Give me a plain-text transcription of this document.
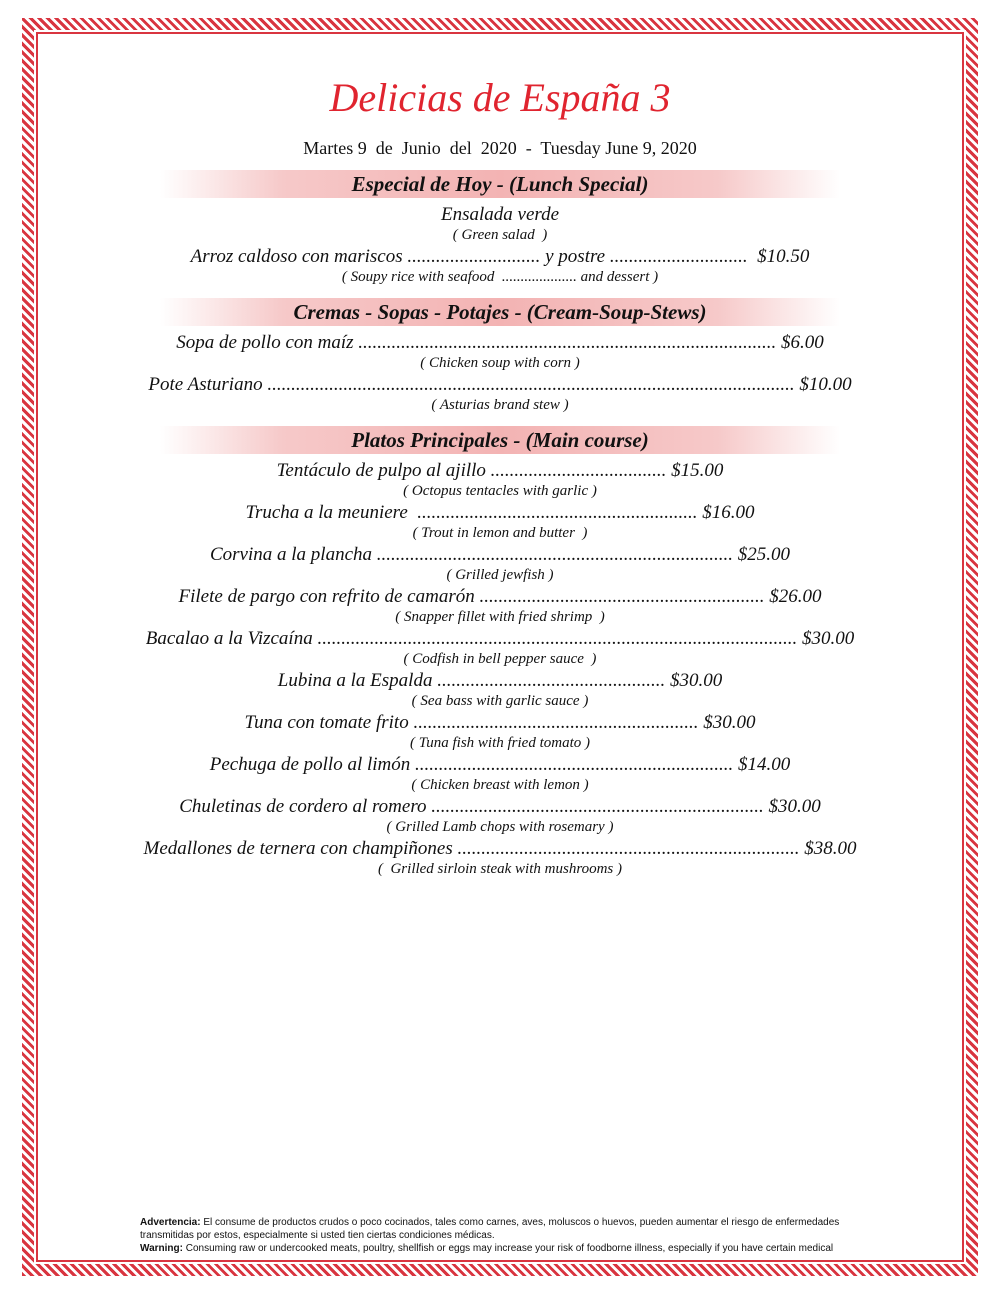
Delicias de España 3
Martes 9  de  Junio  del  2020  -  Tuesday June 9, 2020
Especial de Hoy - (Lunch Special)
Ensalada verde
( Green salad  )
Arroz caldoso con mariscos ............................ y postre .............................  $10.50
( Soupy rice with seafood  .................... and dessert )
Cremas - Sopas - Potajes - (Cream-Soup-Stews)
Sopa de pollo con maíz ........................................................................................ $6.00
( Chicken soup with corn )
Pote Asturiano ............................................................................................................... $10.00
( Asturias brand stew )
Platos Principales - (Main course)
Tentáculo de pulpo al ajillo ..................................... $15.00
( Octopus tentacles with garlic )
Trucha a la meuniere  ........................................................... $16.00
( Trout in lemon and butter  )
Corvina a la plancha ........................................................................... $25.00
( Grilled jewfish )
Filete de pargo con refrito de camarón ............................................................ $26.00
( Snapper fillet with fried shrimp  )
Bacalao a la Vizcaína ..................................................................................................... $30.00
( Codfish in bell pepper sauce  )
Lubina a la Espalda ................................................ $30.00
( Sea bass with garlic sauce )
Tuna con tomate frito ............................................................ $30.00
( Tuna fish with fried tomato )
Pechuga de pollo al limón ................................................................... $14.00
( Chicken breast with lemon )
Chuletinas de cordero al romero ...................................................................... $30.00
( Grilled Lamb chops with rosemary )
Medallones de ternera con champiñones ........................................................................ $38.00
(  Grilled sirloin steak with mushrooms )
Advertencia: El consume de productos crudos o poco cocinados, tales como carnes, aves, moluscos o huevos, pueden aumentar el riesgo de enfermedades transmitidas por estos, especialmente si usted tien ciertas condiciones médicas.
Warning: Consuming raw or undercooked meats, poultry, shellfish or eggs may increase your risk of foodborne illness, especially if you have certain medical
